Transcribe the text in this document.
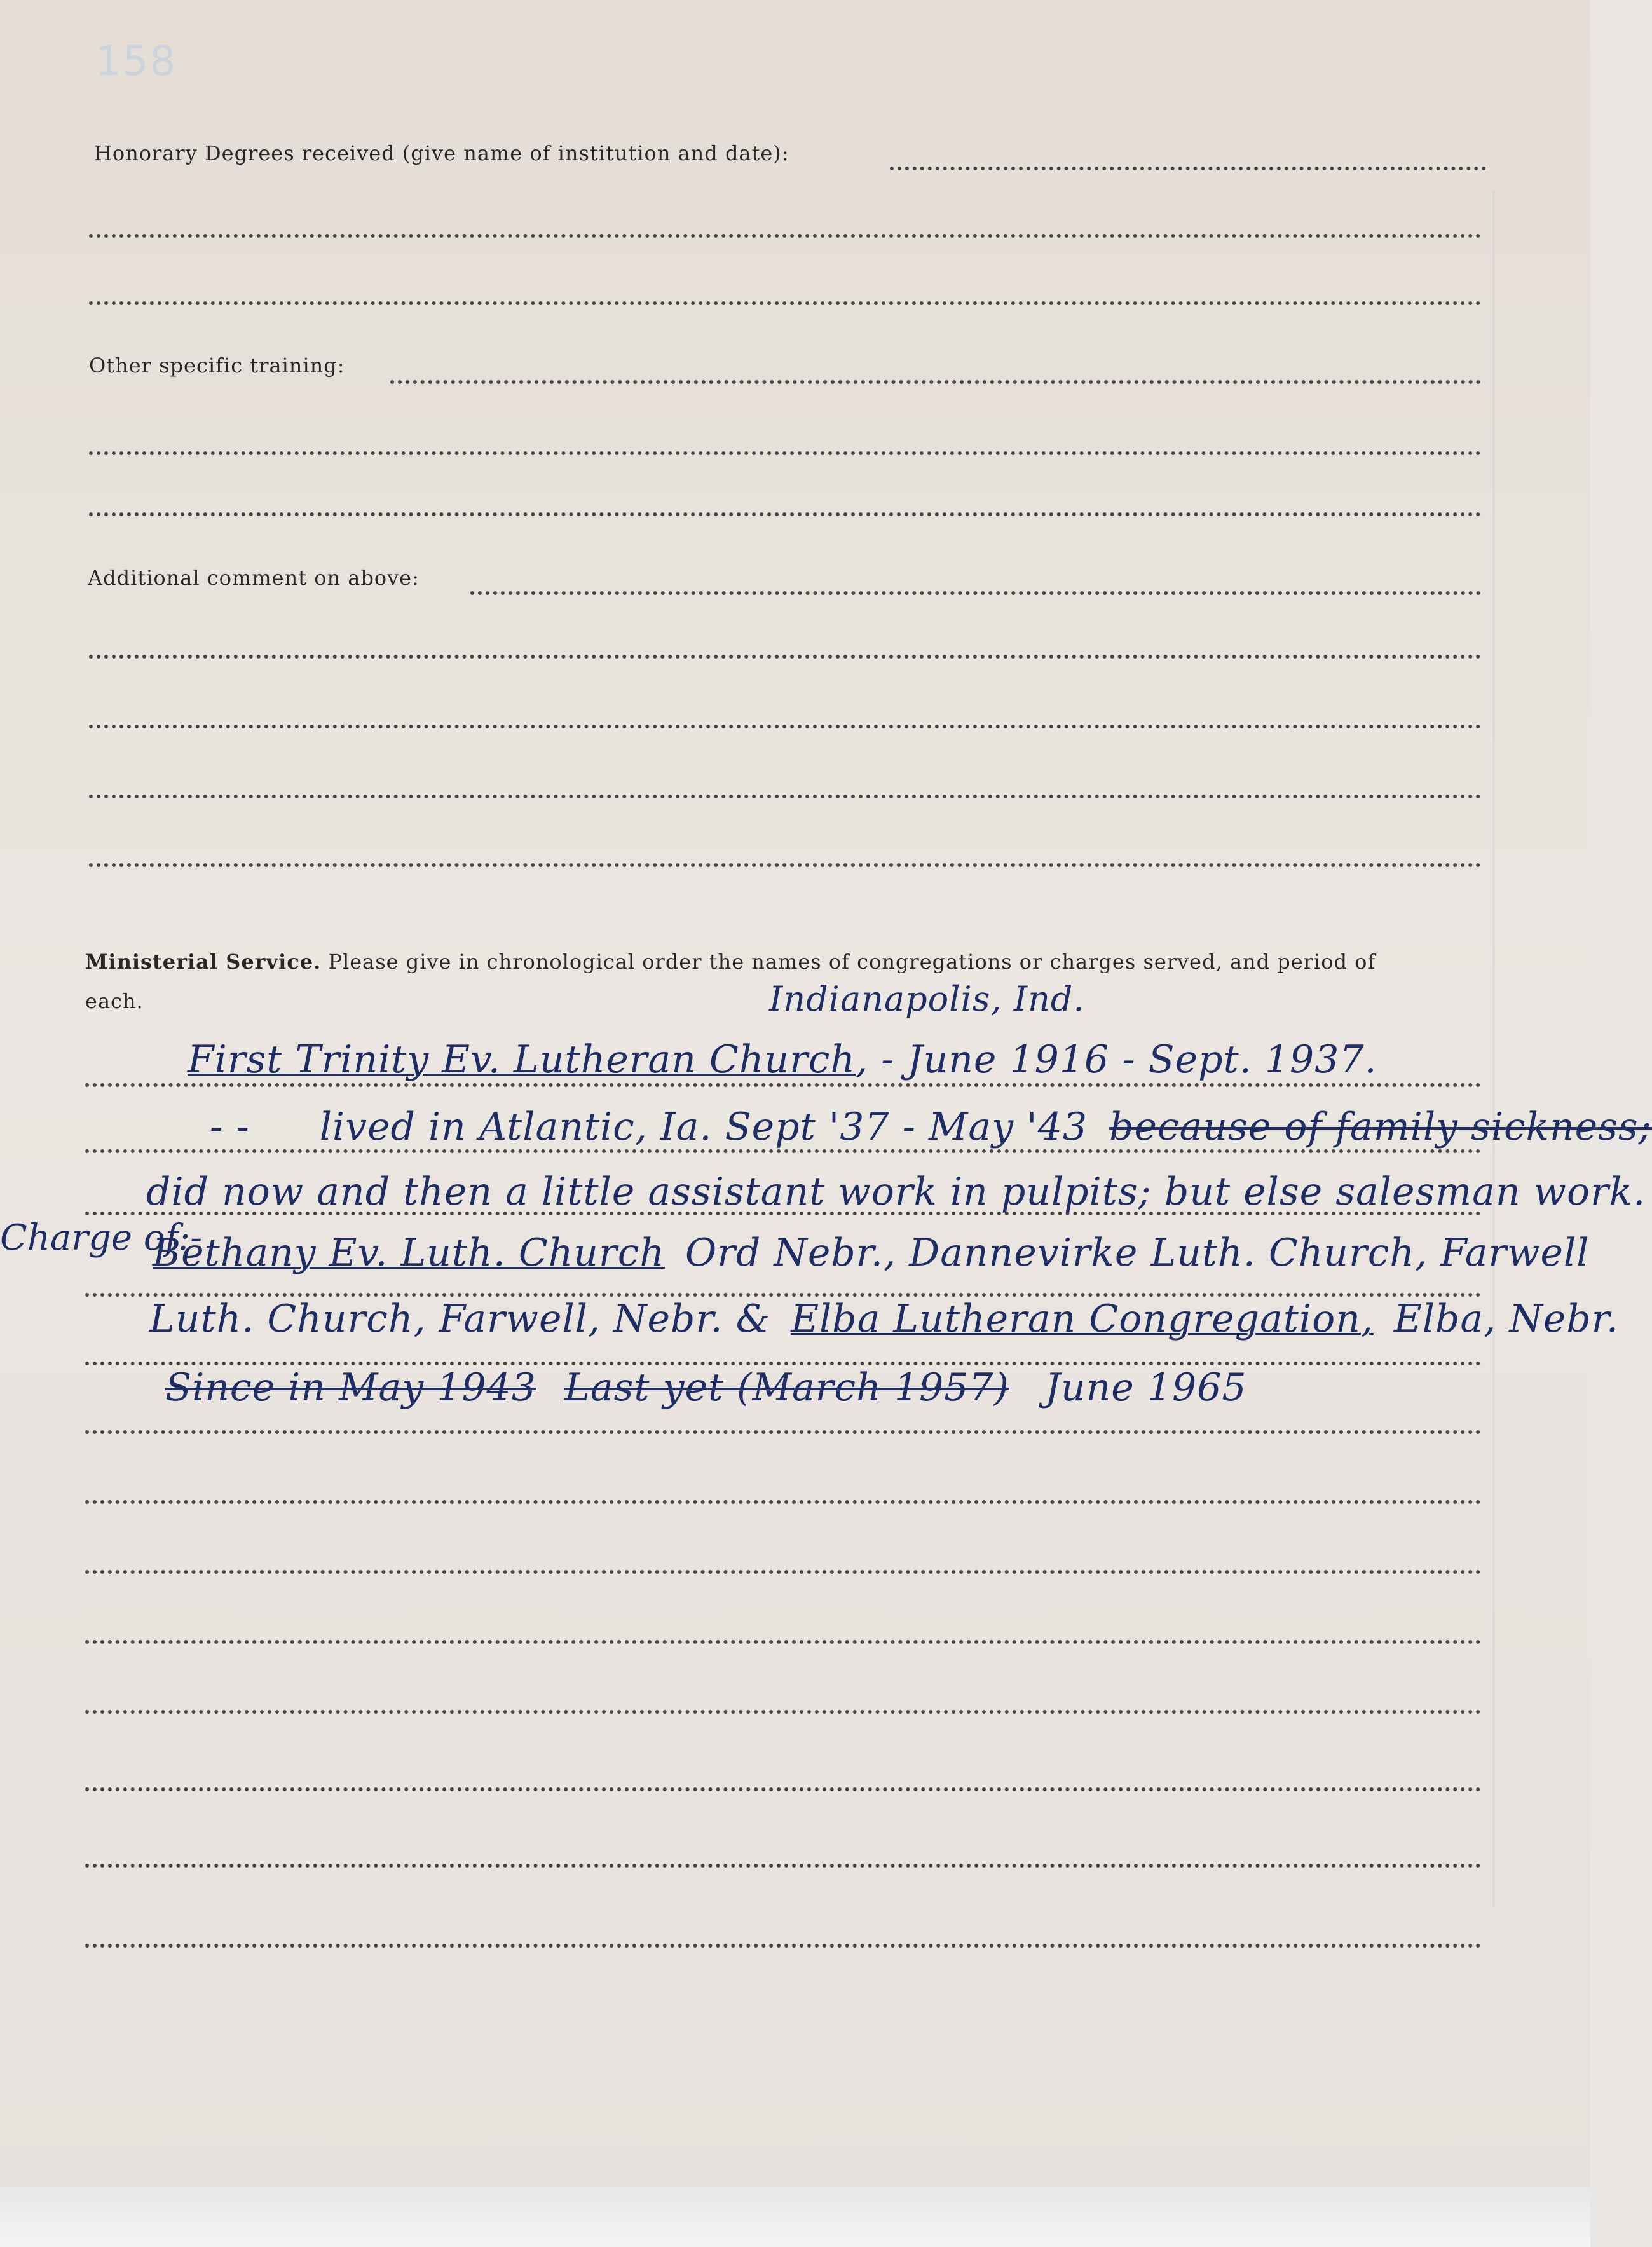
158
Honorary Degrees received (give name of institution and date):
Other specific training:
Additional comment on above:
Ministerial Service. Please give in chronological order the names of congregations or charges served, and period of
each.	Indianapolis, Ind.
First Trinity Ev. Lutheran Church, - June 1916 - Sept. 1937.
- - lived in Atlantic, Ia. Sept '37 - May '43 because of family sickness;
did now and then a little assistant work in pulpits; but else salesman work.
Charge of:-
Bethany Ev. Luth. Church Ord Nebr., Dannevirke Luth. Church, Farwell
Luth. Church, Farwell, Nebr. & Elba Lutheran Congregation, Elba, Nebr.
Since in May 1943 Last yet (March 1957) June 1965
